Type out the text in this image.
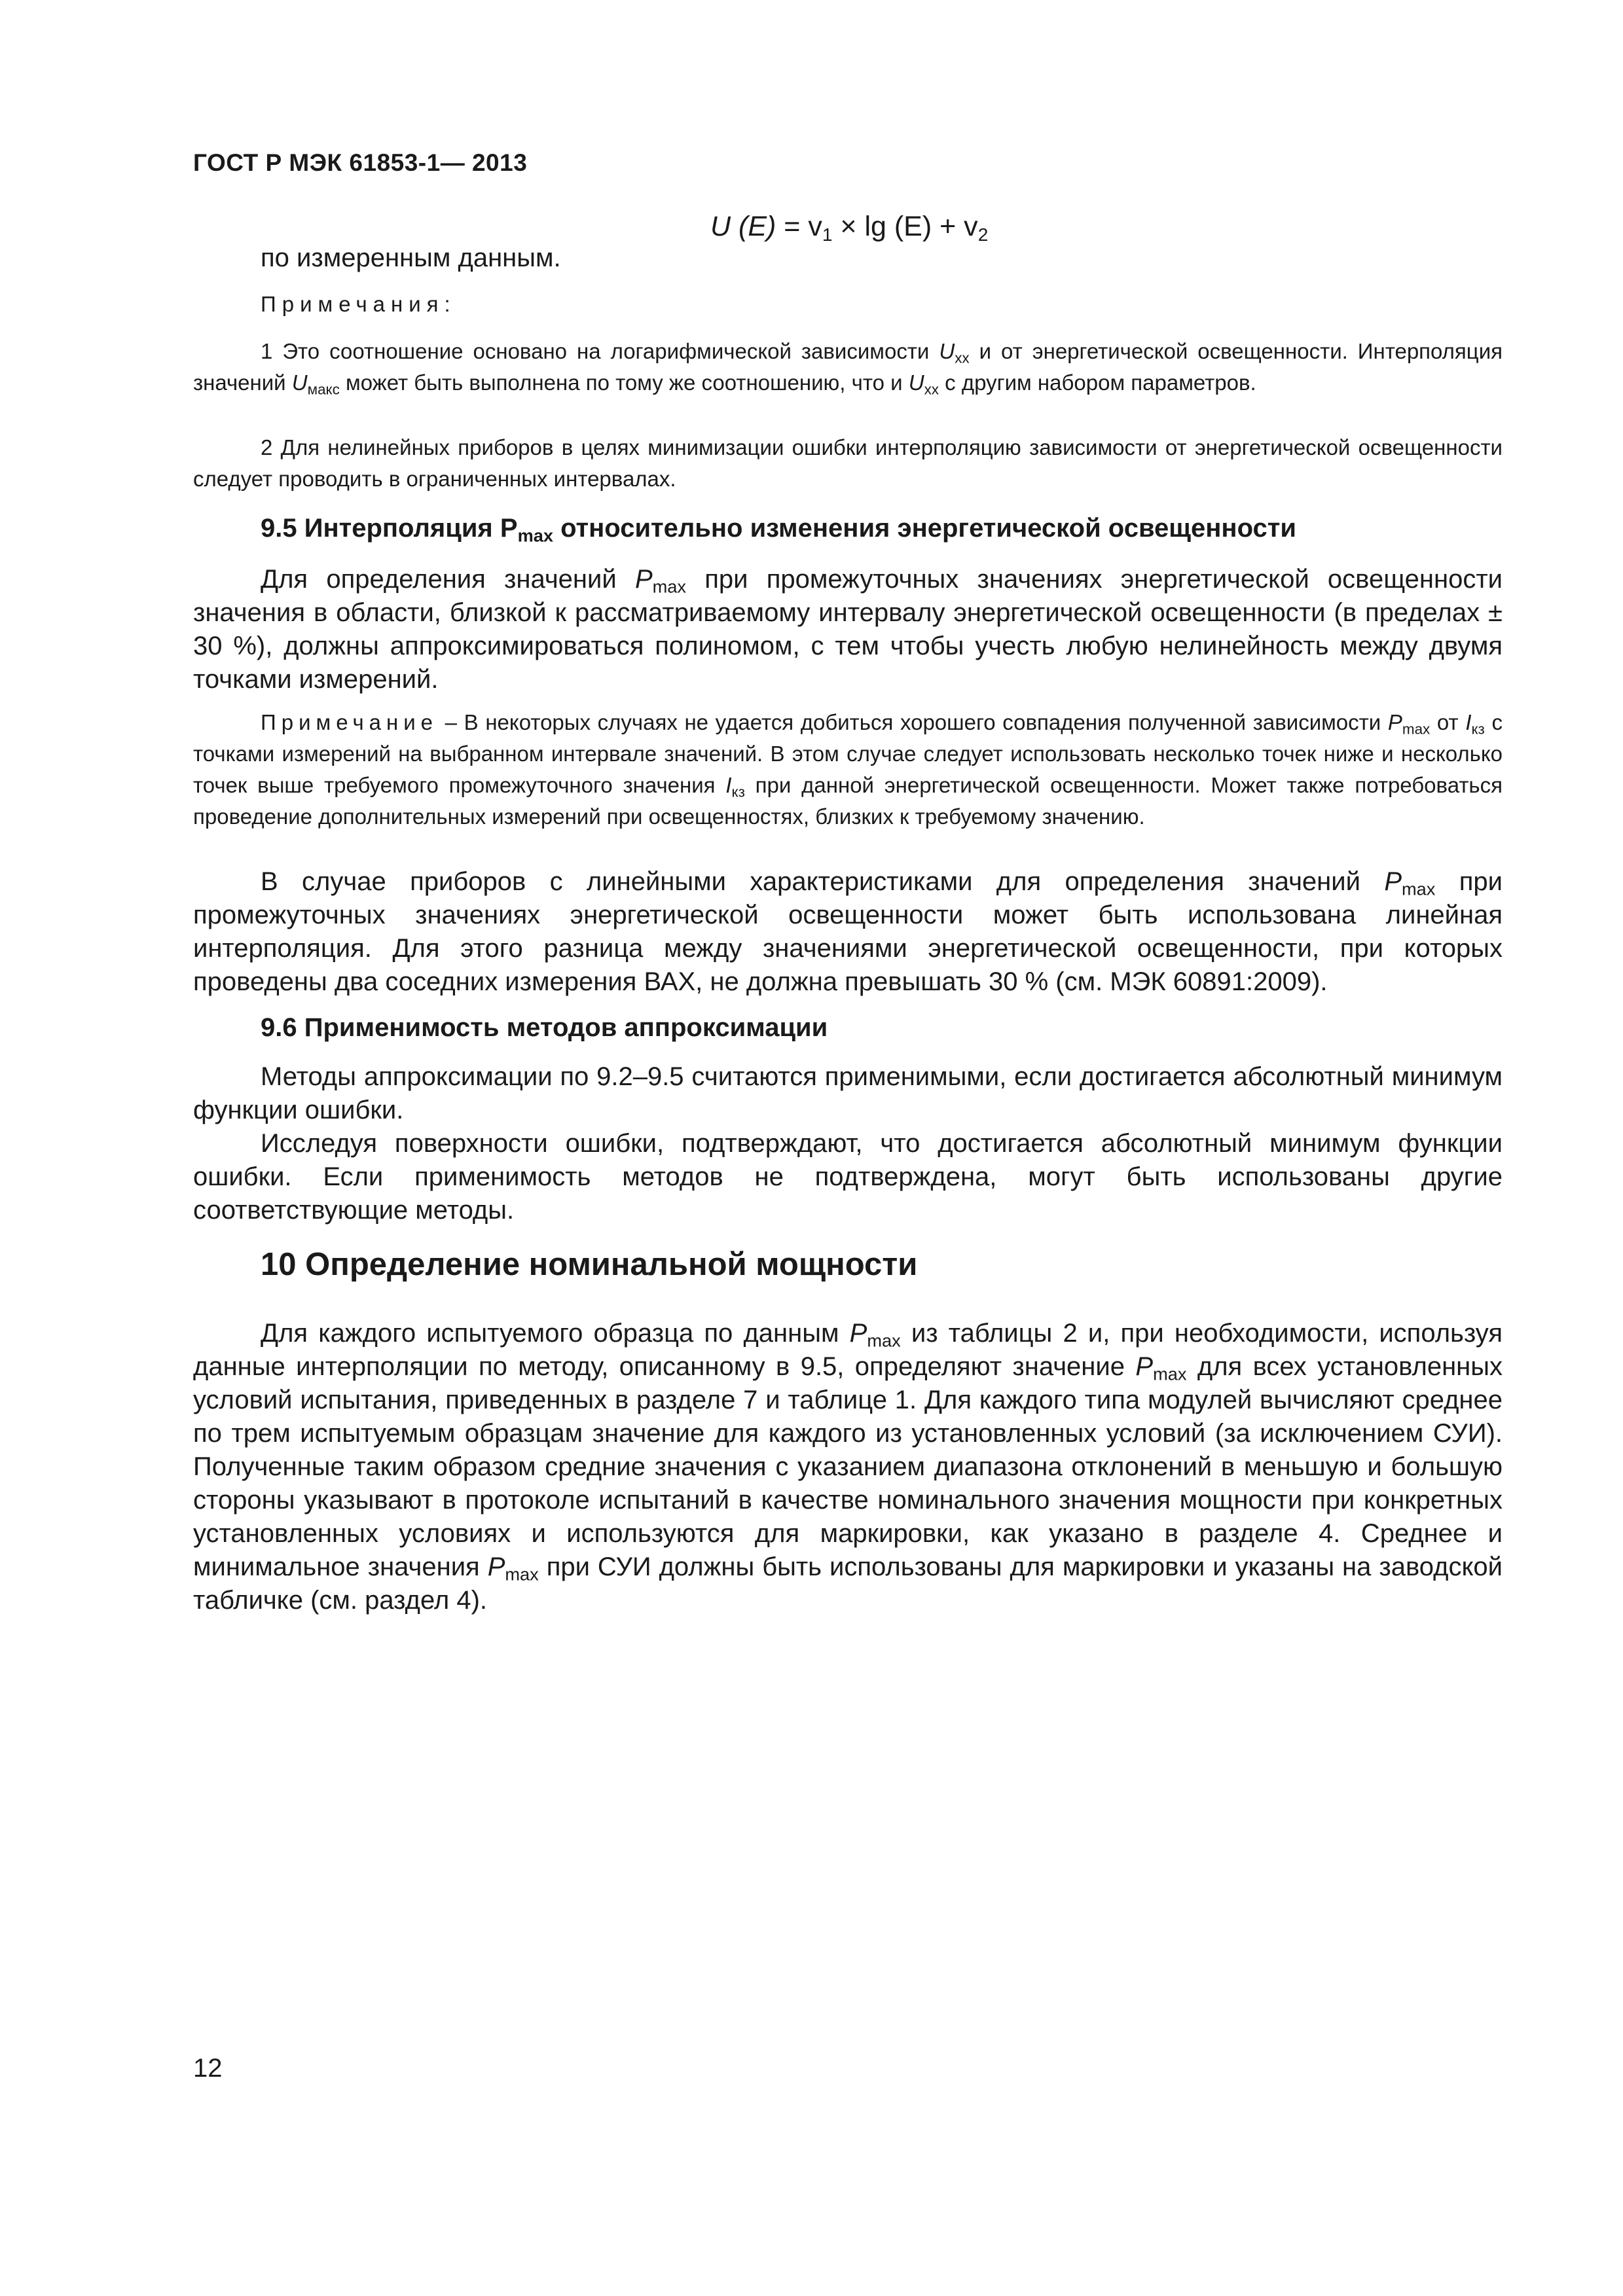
ГОСТ Р МЭК 61853-1— 2013
U $(E) = v_1 \times \lg (E) + v_2$
по измеренным данным.
Примечания:
1 Это соотношение основано на логарифмической зависимости $U_{xx}$ и от энергетической освещенности. Интерполяция значений $U_{макс}$ может быть выполнена по тому же соотношению, что и $U_{xx}$ с другим набором параметров.
2 Для нелинейных приборов в целях минимизации ошибки интерполяцию зависимости от энергетической освещенности следует проводить в ограниченных интервалах.
9.5 Интерполяция $P_{max}$ относительно изменения энергетической освещенности
Для определения значений $P_{max}$ при промежуточных значениях энергетической освещенности значения в области, близкой к рассматриваемому интервалу энергетической освещенности (в пределах ± 30 %), должны аппроксимироваться полиномом, с тем чтобы учесть любую нелинейность между двумя точками измерений.
Примечание – В некоторых случаях не удается добиться хорошего совпадения полученной зависимости $P_{max}$ от $I_{кз}$ с точками измерений на выбранном интервале значений. В этом случае следует использовать несколько точек ниже и несколько точек выше требуемого промежуточного значения $I_{кз}$ при данной энергетической освещенности. Может также потребоваться проведение дополнительных измерений при освещенностях, близких к требуемому значению.
В случае приборов с линейными характеристиками для определения значений $P_{max}$ при промежуточных значениях энергетической освещенности может быть использована линейная интерполяция. Для этого разница между значениями энергетической освещенности, при которых проведены два соседних измерения ВАХ, не должна превышать 30 % (см. МЭК 60891:2009).
9.6 Применимость методов аппроксимации
Методы аппроксимации по 9.2–9.5 считаются применимыми, если достигается абсолютный минимум функции ошибки.
Исследуя поверхности ошибки, подтверждают, что достигается абсолютный минимум функции ошибки. Если применимость методов не подтверждена, могут быть использованы другие соответствующие методы.
10 Определение номинальной мощности
Для каждого испытуемого образца по данным $P_{max}$ из таблицы 2 и, при необходимости, используя данные интерполяции по методу, описанному в 9.5, определяют значение $P_{max}$ для всех установленных условий испытания, приведенных в разделе 7 и таблице 1. Для каждого типа модулей вычисляют среднее по трем испытуемым образцам значение для каждого из установленных условий (за исключением СУИ). Полученные таким образом средние значения с указанием диапазона отклонений в меньшую и большую стороны указывают в протоколе испытаний в качестве номинального значения мощности при конкретных установленных условиях и используются для маркировки, как указано в разделе 4. Среднее и минимальное значения $P_{max}$ при СУИ должны быть использованы для маркировки и указаны на заводской табличке (см. раздел 4).
12
